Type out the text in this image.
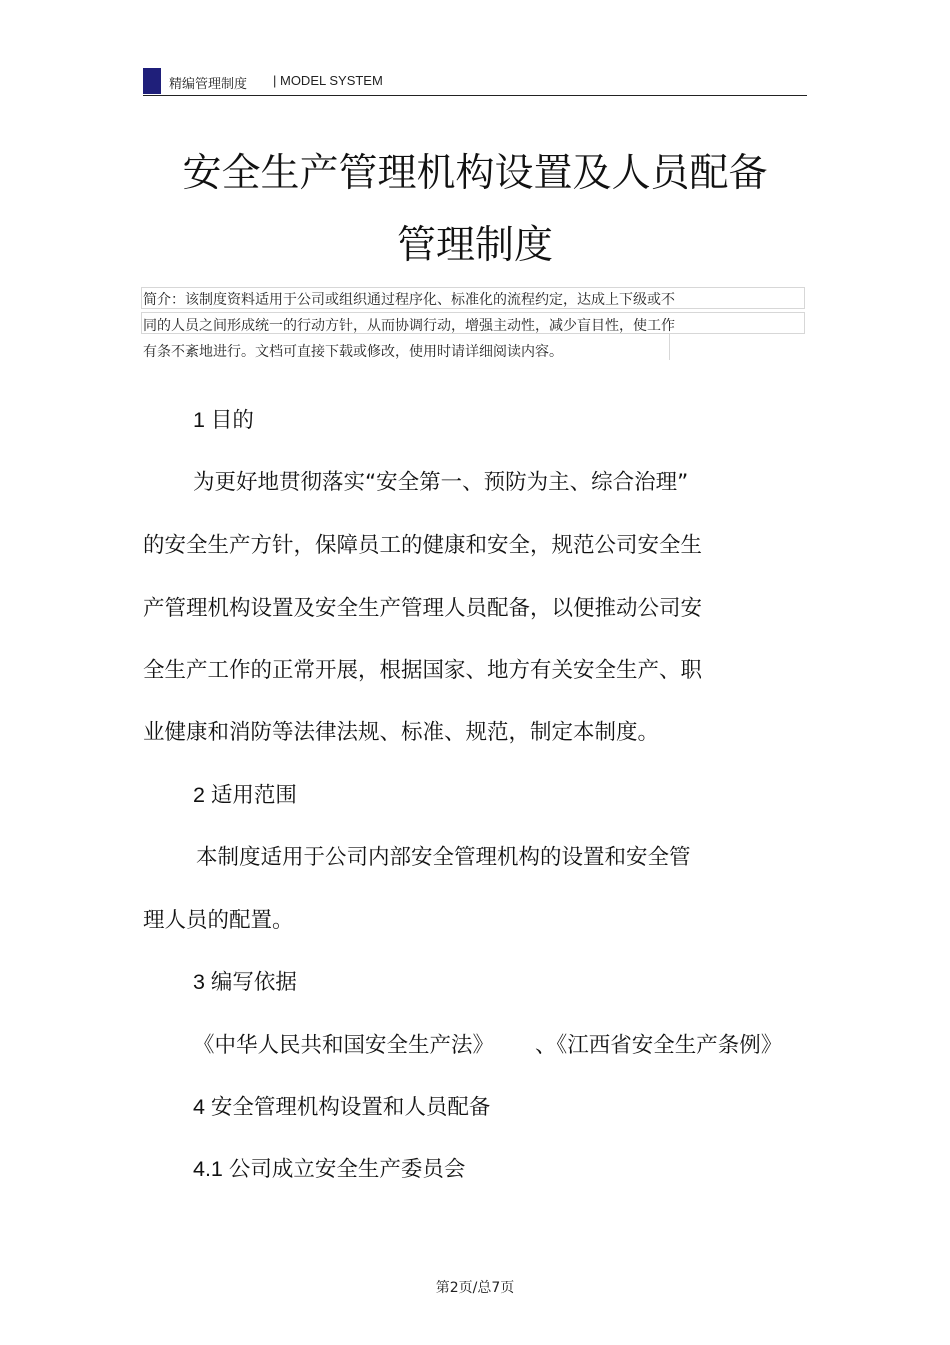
精编管理制度 | MODEL SYSTEM
安全生产管理机构设置及人员配备
管理制度
简介：该制度资料适用于公司或组织通过程序化、标准化的流程约定，达成上下级或不
同的人员之间形成统一的行动方针，从而协调行动，增强主动性，减少盲目性，使工作
有条不紊地进行。文档可直接下载或修改，使用时请详细阅读内容。
1 目的
为更好地贯彻落实“安全第一、预防为主、综合治理”
的安全生产方针，保障员工的健康和安全，规范公司安全生
产管理机构设置及安全生产管理人员配备，以便推动公司安
全生产工作的正常开展，根据国家、地方有关安全生产、职
业健康和消防等法律法规、标准、规范，制定本制度。
2 适用范围
本制度适用于公司内部安全管理机构的设置和安全管
理人员的配置。
3 编写依据
《中华人民共和国安全生产法》 、《江西省安全生产条例》
4 安全管理机构设置和人员配备
4.1 公司成立安全生产委员会
第2页/总7页
